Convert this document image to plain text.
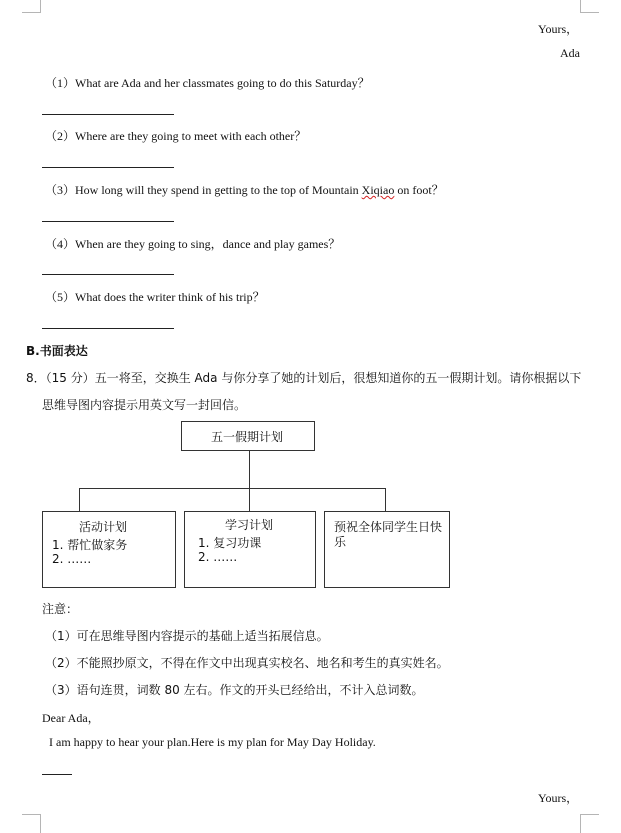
Yours，
Ada
（1）What are Ada and her classmates going to do this Saturday？
（2）Where are they going to meet with each other？
（3）How long will they spend in getting to the top of Mountain Xiqiao on foot？
（4）When are they going to sing，dance and play games？
（5）What does the writer think of his trip？
B.书面表达
8．（15 分）五一将至，交换生 Ada 与你分享了她的计划后，很想知道你的五一假期计划。请你根据以下
思维导图内容提示用英文写一封回信。
五一假期计划
活动计划
1. 帮忙做家务
2. ……
学习计划
1. 复习功课
2. ……
预祝全体同学生日快乐
注意：
（1）可在思维导图内容提示的基础上适当拓展信息。
（2）不能照抄原文，不得在作文中出现真实校名、地名和考生的真实姓名。
（3）语句连贯，词数 80 左右。作文的开头已经给出，不计入总词数。
Dear Ada，
I am happy to hear your plan.Here is my plan for May Day Holiday.
Yours，
